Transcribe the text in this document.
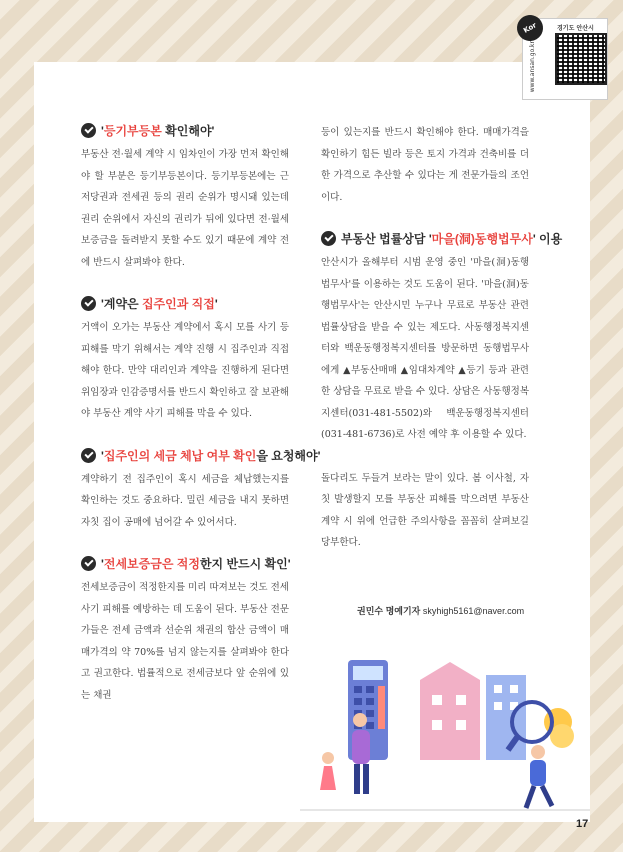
Kor
www.ansan.go.kr
경기도 안산시
'등기부등본 확인해야'

부동산 전·월세 계약 시 임차인이 가장 먼저 확인해야 할 부분은 등기부등본이다. 등기부등본에는 근저당권과 전세권 등의 권리 순위가 명시돼 있는데 권리 순위에서 자신의 권리가 뒤에 있다면 전·월세 보증금을 돌려받지 못할 수도 있기 때문에 계약 전에 반드시 살펴봐야 한다.

'계약은 집주인과 직접'

거액이 오가는 부동산 계약에서 혹시 모를 사기 등 피해를 막기 위해서는 계약 진행 시 집주인과 직접 해야 한다. 만약 대리인과 계약을 진행하게 된다면 위임장과 인감증명서를 반드시 확인하고 잘 보관해야 부동산 계약 사기 피해를 막을 수 있다.

'집주인의 세금 체납 여부 확인을 요청해야'

계약하기 전 집주인이 혹시 세금을 체납했는지를 확인하는 것도 중요하다. 밀린 세금을 내지 못하면 자칫 집이 공매에 넘어갈 수 있어서다.

'전세보증금은 적정한지 반드시 확인'

전세보증금이 적정한지를 미리 따져보는 것도 전세 사기 피해를 예방하는 데 도움이 된다. 부동산 전문가들은 전세 금액과 선순위 채권의 합산 금액이 매매가격의 약 70%를 넘지 않는지를 살펴봐야 한다고 권고한다. 법률적으로 전세금보다 앞 순위에 있는 채권

등이 있는지를 반드시 확인해야 한다. 매매가격을 확인하기 힘든 빌라 등은 토지 가격과 건축비를 더한 가격으로 추산할 수 있다는 게 전문가들의 조언이다.

부동산 법률상담 '마을(洞)동행법무사' 이용

안산시가 올해부터 시범 운영 중인 '마을(洞)동행법무사'를 이용하는 것도 도움이 된다. '마을(洞)동행법무사'는 안산시민 누구나 무료로 부동산 관련 법률상담을 받을 수 있는 제도다. 사동행정복지센터와 백운동행정복지센터를 방문하면 동행법무사에게 ▲부동산매매 ▲임대차계약 ▲등기 등과 관련한 상담을 무료로 받을 수 있다. 상담은 사동행정복지센터(031-481-5502)와 백운동행정복지센터(031-481-6736)로 사전 예약 후 이용할 수 있다.

돌다리도 두들겨 보라는 말이 있다. 봄 이사철, 자칫 발생할지 모를 부동산 피해를 막으려면 부동산 계약 시 위에 언급한 주의사항을 꼼꼼히 살펴보길 당부한다.

권민수 명예기자 skyhigh5161@naver.com
17
